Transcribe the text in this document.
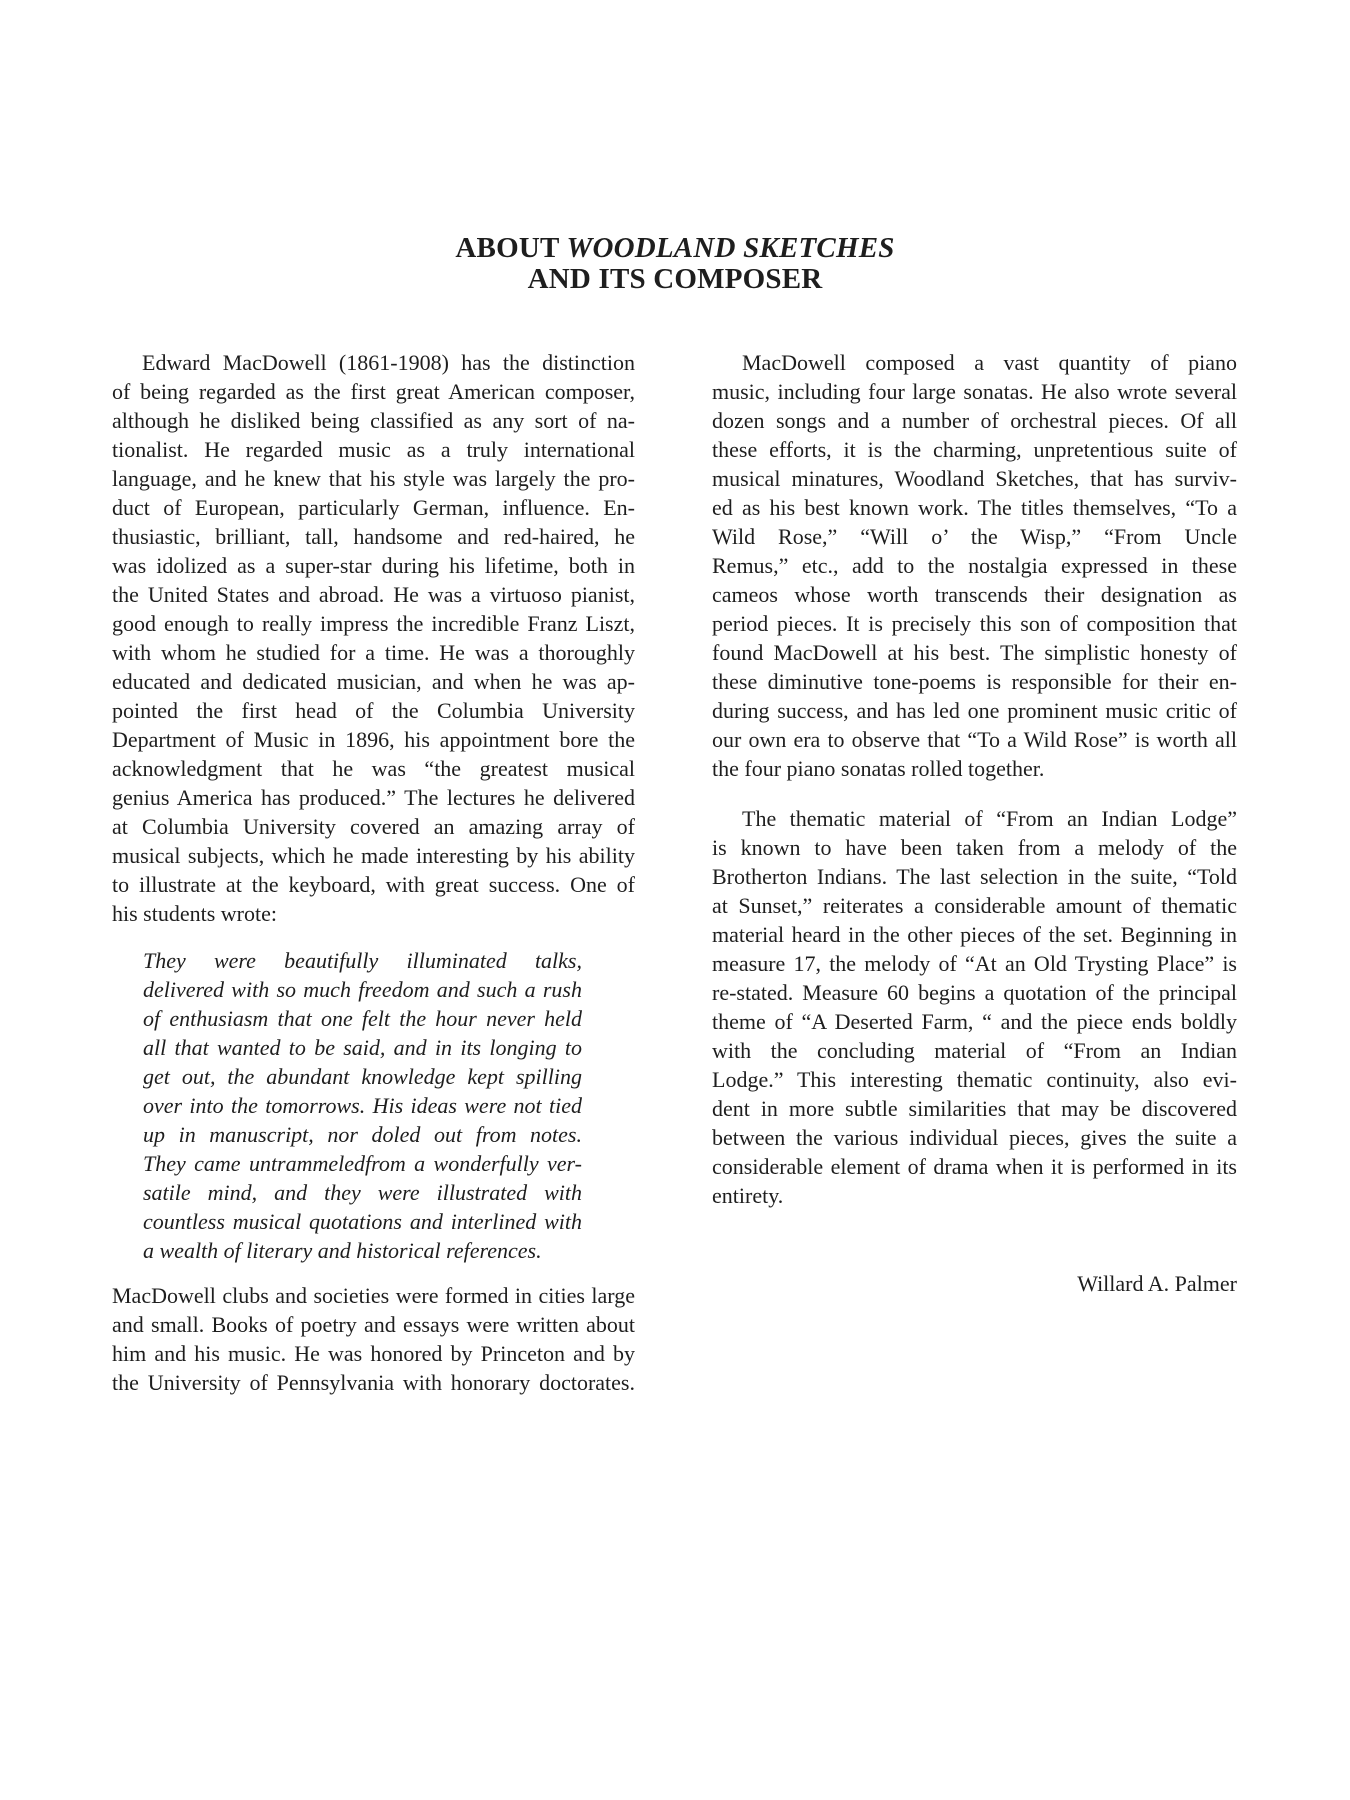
ABOUT WOODLAND SKETCHES
AND ITS COMPOSER
Edward MacDowell (1861-1908) has the distinction
of being regarded as the first great American composer,
although he disliked being classified as any sort of na-
tionalist. He regarded music as a truly international
language, and he knew that his style was largely the pro-
duct of European, particularly German, influence. En-
thusiastic, brilliant, tall, handsome and red-haired, he
was idolized as a super-star during his lifetime, both in
the United States and abroad. He was a virtuoso pianist,
good enough to really impress the incredible Franz Liszt,
with whom he studied for a time. He was a thoroughly
educated and dedicated musician, and when he was ap-
pointed the first head of the Columbia University
Department of Music in 1896, his appointment bore the
acknowledgment that he was “the greatest musical
genius America has produced.” The lectures he delivered
at Columbia University covered an amazing array of
musical subjects, which he made interesting by his ability
to illustrate at the keyboard, with great success. One of
his students wrote:
They were beautifully illuminated talks,
delivered with so much freedom and such a rush
of enthusiasm that one felt the hour never held
all that wanted to be said, and in its longing to
get out, the abundant knowledge kept spilling
over into the tomorrows. His ideas were not tied
up in manuscript, nor doled out from notes.
They came untrammeledfrom a wonderfully ver-
satile mind, and they were illustrated with
countless musical quotations and interlined with
a wealth of literary and historical references.
MacDowell clubs and societies were formed in cities large
and small. Books of poetry and essays were written about
him and his music. He was honored by Princeton and by
the University of Pennsylvania with honorary doctorates.
MacDowell composed a vast quantity of piano
music, including four large sonatas. He also wrote several
dozen songs and a number of orchestral pieces. Of all
these efforts, it is the charming, unpretentious suite of
musical minatures, Woodland Sketches, that has surviv-
ed as his best known work. The titles themselves, “To a
Wild Rose,” “Will o’ the Wisp,” “From Uncle
Remus,” etc., add to the nostalgia expressed in these
cameos whose worth transcends their designation as
period pieces. It is precisely this son of composition that
found MacDowell at his best. The simplistic honesty of
these diminutive tone-poems is responsible for their en-
during success, and has led one prominent music critic of
our own era to observe that “To a Wild Rose” is worth all
the four piano sonatas rolled together.
The thematic material of “From an Indian Lodge”
is known to have been taken from a melody of the
Brotherton Indians. The last selection in the suite, “Told
at Sunset,” reiterates a considerable amount of thematic
material heard in the other pieces of the set. Beginning in
measure 17, the melody of “At an Old Trysting Place” is
re-stated. Measure 60 begins a quotation of the principal
theme of “A Deserted Farm, “ and the piece ends boldly
with the concluding material of “From an Indian
Lodge.” This interesting thematic continuity, also evi-
dent in more subtle similarities that may be discovered
between the various individual pieces, gives the suite a
considerable element of drama when it is performed in its
entirety.
Willard A. Palmer
